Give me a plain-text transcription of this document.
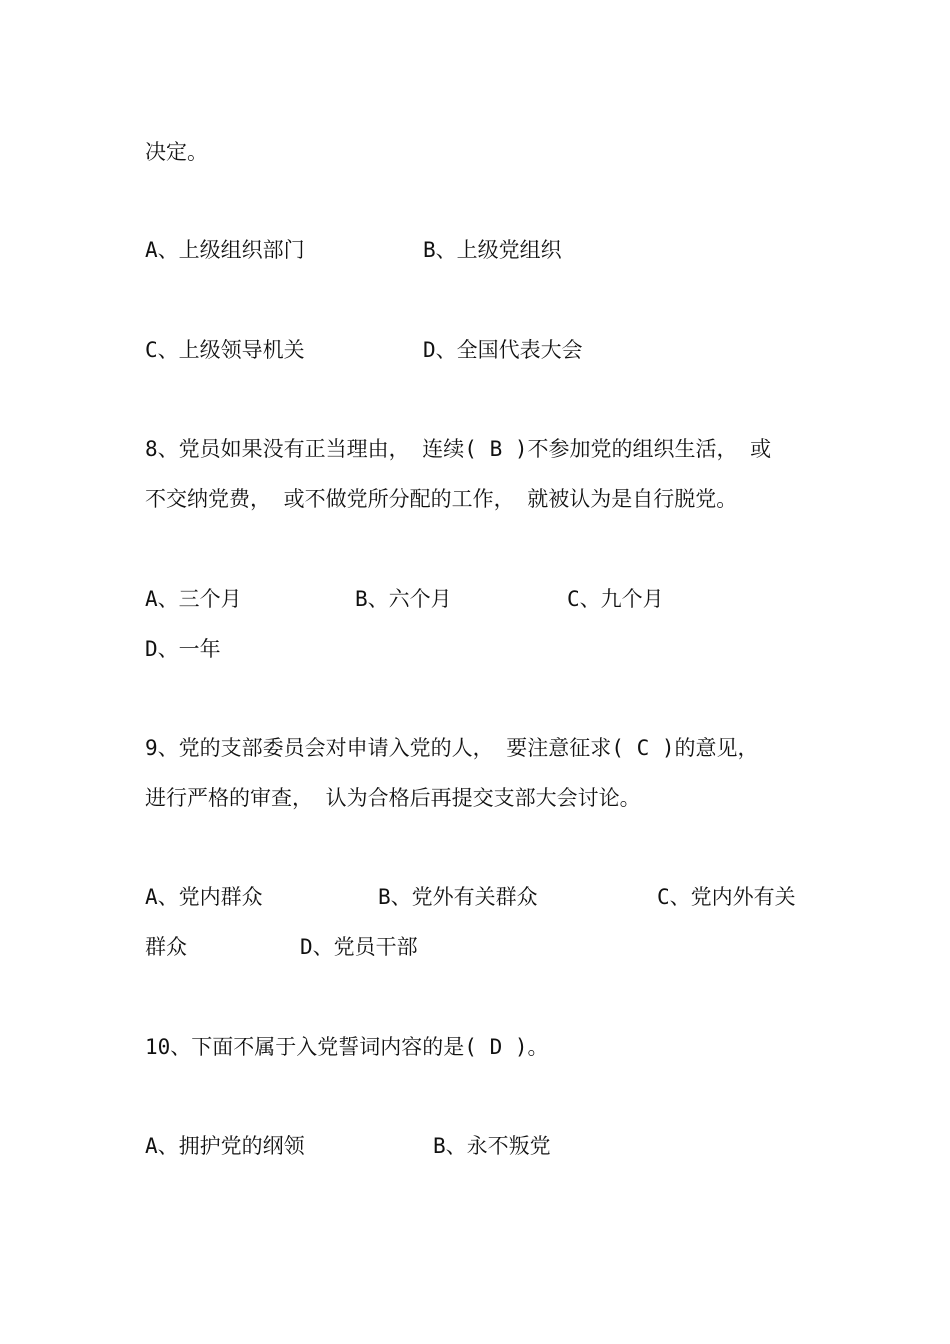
决定。

A、上级组织部门	B、上级党组织

C、上级领导机关	D、全国代表大会

8、党员如果没有正当理由， 连续( B )不参加党的组织生活， 或

不交纳党费， 或不做党所分配的工作， 就被认为是自行脱党。

A、三个月	B、六个月	C、九个月

D、一年

9、党的支部委员会对申请入党的人， 要注意征求( C )的意见，

进行严格的审查， 认为合格后再提交支部大会讨论。

A、党内群众	B、党外有关群众	C、党内外有关

群众	D、党员干部

10、下面不属于入党誓词内容的是( D )。

A、拥护党的纲领	B、永不叛党
